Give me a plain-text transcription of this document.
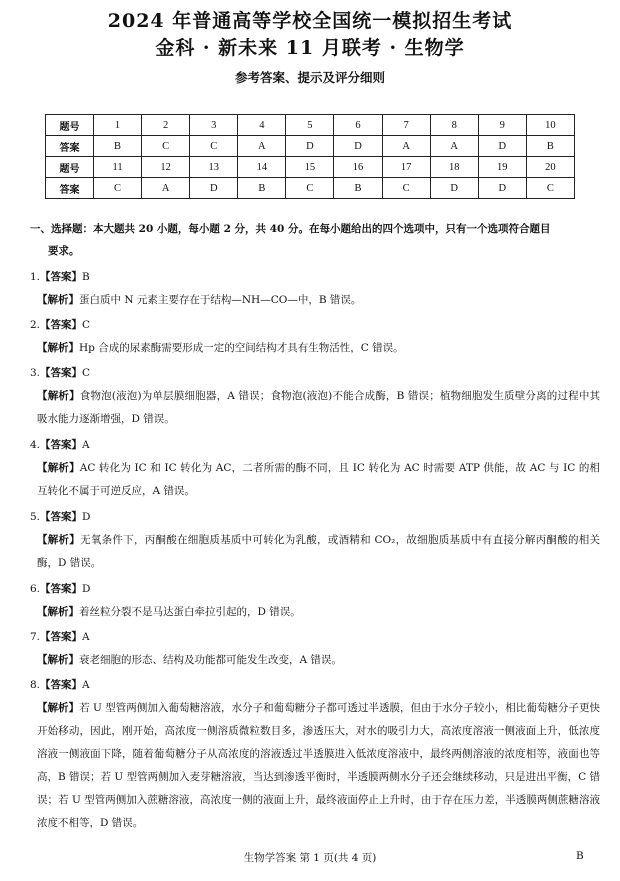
2024 年普通高等学校全国统一模拟招生考试
金科 · 新未来 11 月联考 · 生物学
参考答案、提示及评分细则
题号	1	2	3	4	5	6	7	8	9	10
答案	B	C	C	A	D	D	A	A	D	B
题号	11	12	13	14	15	16	17	18	19	20
答案	C	A	D	B	C	B	C	D	D	C
一、选择题：本大题共 20 小题，每小题 2 分，共 40 分。在每小题给出的四个选项中，只有一个选项符合题目
要求。
1.【答案】B
【解析】蛋白质中 N 元素主要存在于结构—NH—CO—中，B 错误。
2.【答案】C
【解析】Hp 合成的尿素酶需要形成一定的空间结构才具有生物活性，C 错误。
3.【答案】C
【解析】食物泡(液泡)为单层膜细胞器，A 错误；食物泡(液泡)不能合成酶，B 错误；植物细胞发生质壁分离的过程中其吸水能力逐渐增强，D 错误。
4.【答案】A
【解析】AC 转化为 IC 和 IC 转化为 AC，二者所需的酶不同，且 IC 转化为 AC 时需要 ATP 供能，故 AC 与 IC 的相互转化不属于可逆反应，A 错误。
5.【答案】D
【解析】无氧条件下，丙酮酸在细胞质基质中可转化为乳酸，或酒精和 CO₂，故细胞质基质中有直接分解丙酮酸的相关酶，D 错误。
6.【答案】D
【解析】着丝粒分裂不是马达蛋白牵拉引起的，D 错误。
7.【答案】A
【解析】衰老细胞的形态、结构及功能都可能发生改变，A 错误。
8.【答案】A
【解析】若 U 型管两侧加入葡萄糖溶液，水分子和葡萄糖分子都可透过半透膜，但由于水分子较小，相比葡萄糖分子更快开始移动，因此，刚开始，高浓度一侧溶质微粒数目多，渗透压大，对水的吸引力大，高浓度溶液一侧液面上升，低浓度溶液一侧液面下降，随着葡萄糖分子从高浓度的溶液透过半透膜进入低浓度溶液中，最终两侧溶液的浓度相等，液面也等高，B 错误；若 U 型管两侧加入麦芽糖溶液，当达到渗透平衡时，半透膜两侧水分子还会继续移动，只是进出平衡，C 错误；若 U 型管两侧加入蔗糖溶液，高浓度一侧的液面上升，最终液面停止上升时，由于存在压力差，半透膜两侧蔗糖溶液浓度不相等，D 错误。
生物学答案 第 1 页(共 4 页)	B
